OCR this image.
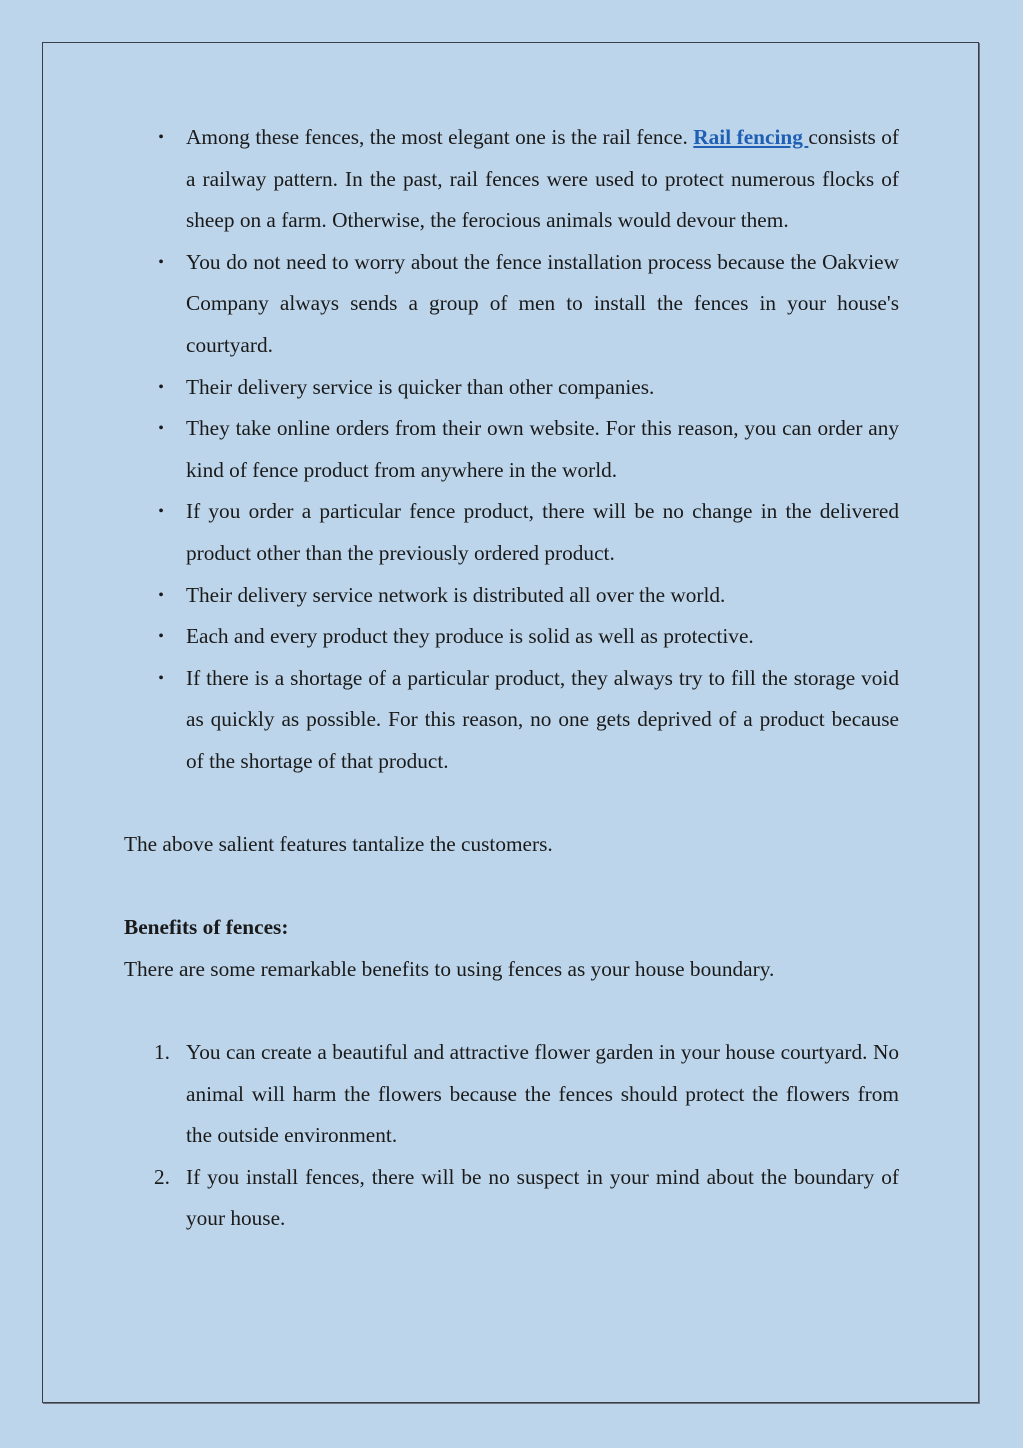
• Among these fences, the most elegant one is the rail fence. Rail fencing consists of a railway pattern. In the past, rail fences were used to protect numerous flocks of sheep on a farm. Otherwise, the ferocious animals would devour them.
• You do not need to worry about the fence installation process because the Oakview Company always sends a group of men to install the fences in your house's courtyard.
• Their delivery service is quicker than other companies.
• They take online orders from their own website. For this reason, you can order any kind of fence product from anywhere in the world.
• If you order a particular fence product, there will be no change in the delivered product other than the previously ordered product.
• Their delivery service network is distributed all over the world.
• Each and every product they produce is solid as well as protective.
• If there is a shortage of a particular product, they always try to fill the storage void as quickly as possible. For this reason, no one gets deprived of a product because of the shortage of that product.

The above salient features tantalize the customers.

Benefits of fences:

There are some remarkable benefits to using fences as your house boundary.

1. You can create a beautiful and attractive flower garden in your house courtyard. No animal will harm the flowers because the fences should protect the flowers from the outside environment.
2. If you install fences, there will be no suspect in your mind about the boundary of your house.
